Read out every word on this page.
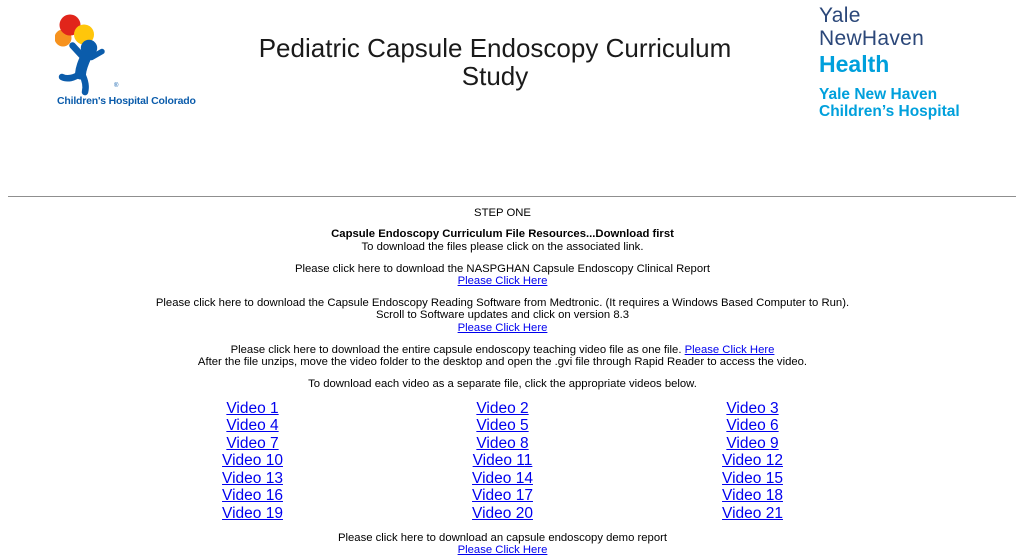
®
Children's Hospital Colorado
Pediatric Capsule Endoscopy Curriculum Study
Yale
NewHaven
Health
Yale New Haven
Children’s Hospital

STEP ONE

Capsule Endoscopy Curriculum File Resources...Download first
To download the files please click on the associated link.

Please click here to download the NASPGHAN Capsule Endoscopy Clinical Report
Please Click Here

Please click here to download the Capsule Endoscopy Reading Software from Medtronic. (It requires a Windows Based Computer to Run).
Scroll to Software updates and click on version 8.3
Please Click Here

Please click here to download the entire capsule endoscopy teaching video file as one file. Please Click Here
After the file unzips, move the video folder to the desktop and open the .gvi file through Rapid Reader to access the video.

To download each video as a separate file, click the appropriate videos below.

Video 1	Video 2	Video 3
Video 4	Video 5	Video 6
Video 7	Video 8	Video 9
Video 10	Video 11	Video 12
Video 13	Video 14	Video 15
Video 16	Video 17	Video 18
Video 19	Video 20	Video 21

Please click here to download an capsule endoscopy demo report
Please Click Here
